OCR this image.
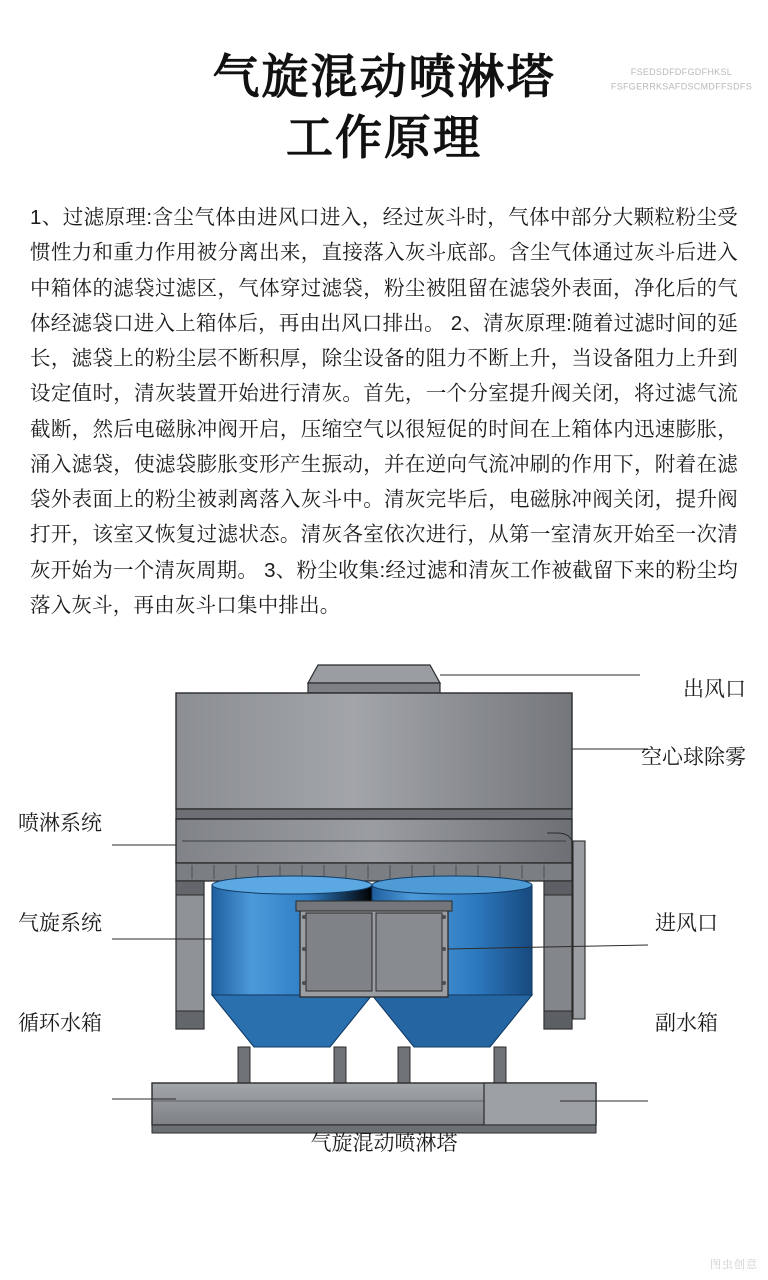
气旋混动喷淋塔
工作原理
FSEDSDFDFGDFHKSL
FSFGERRKSAFDSCMDFFSDFS
1、过滤原理:含尘气体由进风口进入，经过灰斗时，气体中部分大颗粒粉尘受惯性力和重力作用被分离出来，直接落入灰斗底部。含尘气体通过灰斗后进入中箱体的滤袋过滤区，气体穿过滤袋，粉尘被阻留在滤袋外表面，净化后的气体经滤袋口进入上箱体后，再由出风口排出。 2、清灰原理:随着过滤时间的延长，滤袋上的粉尘层不断积厚，除尘设备的阻力不断上升，当设备阻力上升到设定值时，清灰装置开始进行清灰。首先，一个分室提升阀关闭，将过滤气流截断，然后电磁脉冲阀开启，压缩空气以很短促的时间在上箱体内迅速膨胀，涌入滤袋，使滤袋膨胀变形产生振动，并在逆向气流冲刷的作用下，附着在滤袋外表面上的粉尘被剥离落入灰斗中。清灰完毕后，电磁脉冲阀关闭，提升阀打开，该室又恢复过滤状态。清灰各室依次进行，从第一室清灰开始至一次清灰开始为一个清灰周期。 3、粉尘收集:经过滤和清灰工作被截留下来的粉尘均落入灰斗，再由灰斗口集中排出。
出风口
空心球除雾
喷淋系统
气旋系统
循环水箱
进风口
副水箱
气旋混动喷淋塔
图虫创意
